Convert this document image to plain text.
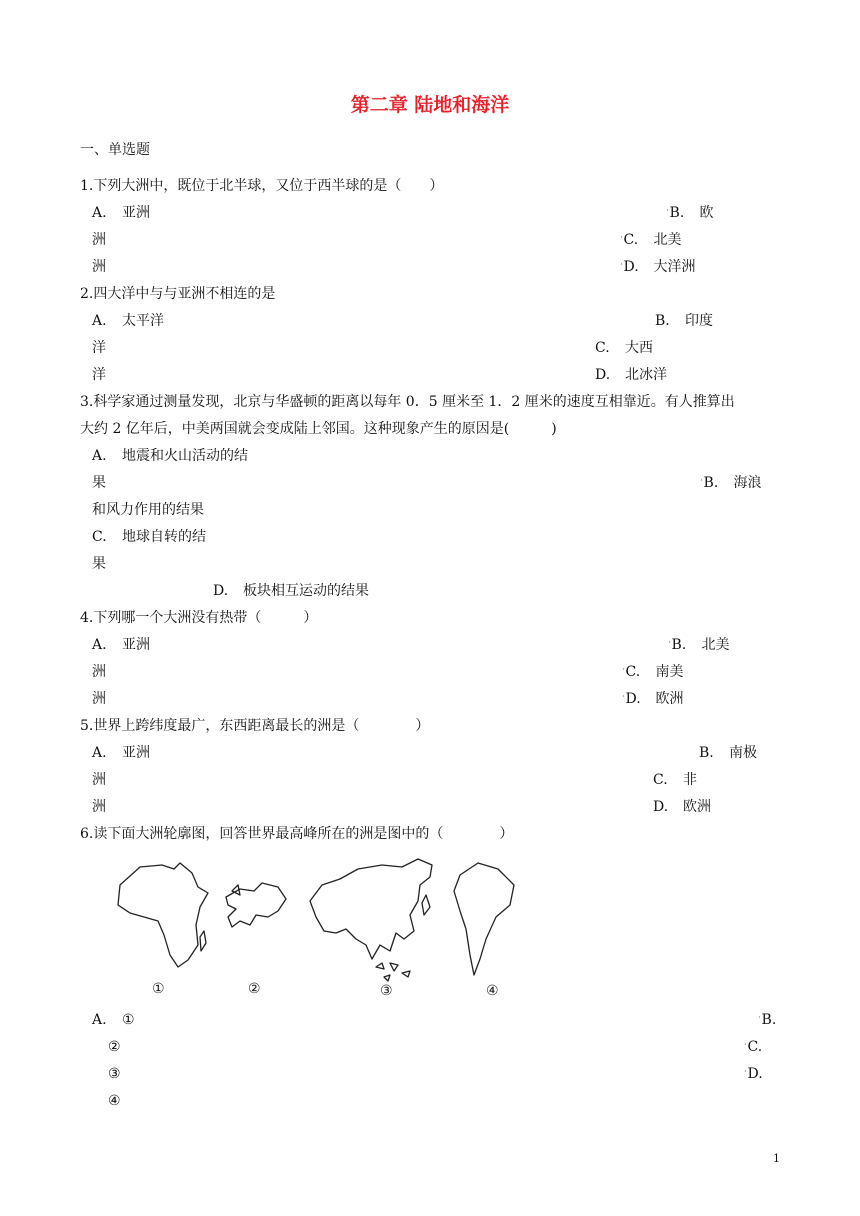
第二章 陆地和海洋
一、单选题
1.下列大洲中，既位于北半球，又位于西半球的是（　　）
A. 亚洲	$^ʻ$B. 欧
洲	$^ʻ$C. 北美
洲	$^ʻ$D. 大洋洲
2.四大洋中与与亚洲不相连的是
A. 太平洋	B. 印度
洋	C. 大西
洋	D. 北冰洋
3.科学家通过测量发现，北京与华盛顿的距离以每年 0．5 厘米至 1．2 厘米的速度互相靠近。有人推算出
大约 2 亿年后，中美两国就会变成陆上邻国。这种现象产生的原因是(　　　)
A. 地震和火山活动的结
果	$^ʻ$B. 海浪
和风力作用的结果
C. 地球自转的结
果
D. 板块相互运动的结果
4.下列哪一个大洲没有热带（　　　）
A. 亚洲	$^ʻ$B. 北美
洲	$^ʻ$C. 南美
洲	$^ʻ$D. 欧洲
5.世界上跨纬度最广，东西距离最长的洲是（　　　　）
A. 亚洲	B. 南极
洲	C. 非
洲	D. 欧洲
6.读下面大洲轮廓图，回答世界最高峰所在的洲是图中的（　　　　）
①	②	③	④
A. ①	$^ʻ$B.
②	$^ʻ$C.
③	$^ʻ$D.
④
1
